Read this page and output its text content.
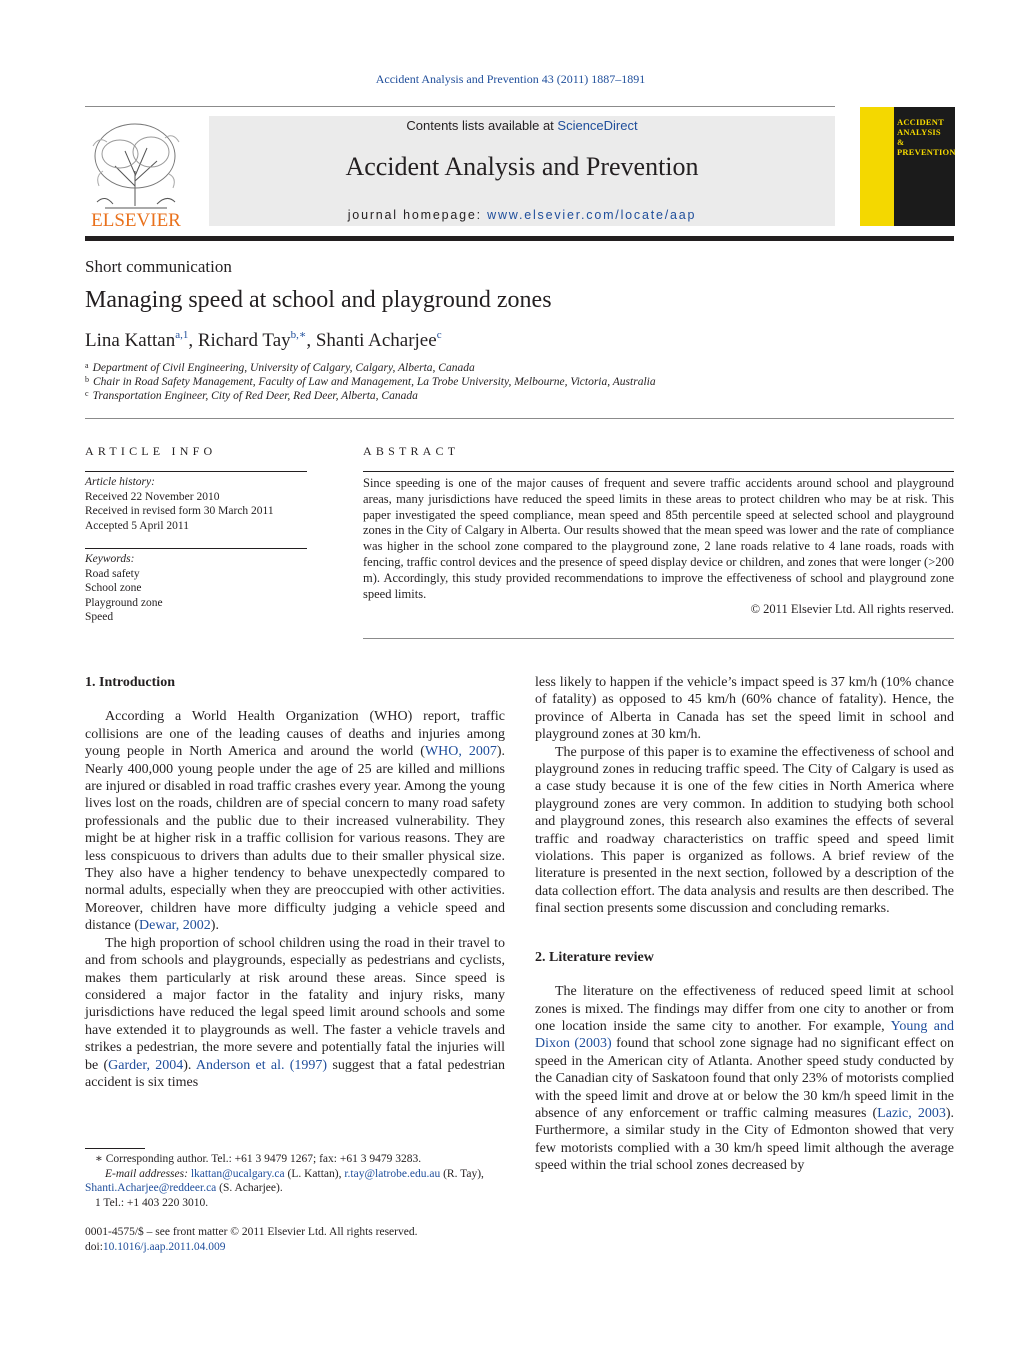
Accident Analysis and Prevention 43 (2011) 1887–1891
ELSEVIER
Contents lists available at ScienceDirect
Accident Analysis and Prevention
journal homepage: www.elsevier.com/locate/aap
ACCIDENT
ANALYSIS
&
PREVENTION
Short communication
Managing speed at school and playground zones
Lina Kattan$^{a,1}$, Richard Tay$^{b,∗}$, Shanti Acharjee$^c$
$^a$ Department of Civil Engineering, University of Calgary, Calgary, Alberta, Canada
$^b$ Chair in Road Safety Management, Faculty of Law and Management, La Trobe University, Melbourne, Victoria, Australia
$^c$ Transportation Engineer, City of Red Deer, Red Deer, Alberta, Canada
ARTICLE INFO
Article history:
Received 22 November 2010
Received in revised form 30 March 2011
Accepted 5 April 2011
Keywords:
Road safety
School zone
Playground zone
Speed
ABSTRACT
Since speeding is one of the major causes of frequent and severe traffic accidents around school and playground areas, many jurisdictions have reduced the speed limits in these areas to protect children who may be at risk. This paper investigated the speed compliance, mean speed and 85th percentile speed at selected school and playground zones in the City of Calgary in Alberta. Our results showed that the mean speed was lower and the rate of compliance was higher in the school zone compared to the playground zone, 2 lane roads relative to 4 lane roads, roads with fencing, traffic control devices and the presence of speed display device or children, and zones that were longer (>200 m). Accordingly, this study provided recommendations to improve the effectiveness of school and playground zone speed limits.
© 2011 Elsevier Ltd. All rights reserved.
1. Introduction

According a World Health Organization (WHO) report, traffic collisions are one of the leading causes of deaths and injuries among young people in North America and around the world (WHO, 2007). Nearly 400,000 young people under the age of 25 are killed and millions are injured or disabled in road traffic crashes every year. Among the young lives lost on the roads, children are of special concern to many road safety professionals and the public due to their increased vulnerability. They might be at higher risk in a traffic collision for various reasons. They are less conspicuous to drivers than adults due to their smaller physical size. They also have a higher tendency to behave unexpectedly compared to normal adults, especially when they are preoccupied with other activities. Moreover, children have more difficulty judging a vehicle speed and distance (Dewar, 2002).

The high proportion of school children using the road in their travel to and from schools and playgrounds, especially as pedestrians and cyclists, makes them particularly at risk around these areas. Since speed is considered a major factor in the fatality and injury risks, many jurisdictions have reduced the legal speed limit around schools and some have extended it to playgrounds as well. The faster a vehicle travels and strikes a pedestrian, the more severe and potentially fatal the injuries will be (Garder, 2004). Anderson et al. (1997) suggest that a fatal pedestrian accident is six times

less likely to happen if the vehicle’s impact speed is 37 km/h (10% chance of fatality) as opposed to 45 km/h (60% chance of fatality). Hence, the province of Alberta in Canada has set the speed limit in school and playground zones at 30 km/h.

The purpose of this paper is to examine the effectiveness of school and playground zones in reducing traffic speed. The City of Calgary is used as a case study because it is one of the few cities in North America where playground zones are very common. In addition to studying both school and playground zones, this research also examines the effects of several traffic and roadway characteristics on traffic speed and speed limit violations. This paper is organized as follows. A brief review of the literature is presented in the next section, followed by a description of the data collection effort. The data analysis and results are then described. The final section presents some discussion and concluding remarks.

2. Literature review

The literature on the effectiveness of reduced speed limit at school zones is mixed. The findings may differ from one city to another or from one location inside the same city to another. For example, Young and Dixon (2003) found that school zone signage had no significant effect on speed in the American city of Atlanta. Another speed study conducted by the Canadian city of Saskatoon found that only 23% of motorists complied with the speed limit and drove at or below the 30 km/h speed limit in the absence of any enforcement or traffic calming measures (Lazic, 2003). Furthermore, a similar study in the City of Edmonton showed that very few motorists complied with a 30 km/h speed limit although the average speed within the trial school zones decreased by

∗ Corresponding author. Tel.: +61 3 9479 1267; fax: +61 3 9479 3283.
E-mail addresses: lkattan@ucalgary.ca (L. Kattan), r.tay@latrobe.edu.au (R. Tay),
Shanti.Acharjee@reddeer.ca (S. Acharjee).
1 Tel.: +1 403 220 3010.
0001-4575/$ – see front matter © 2011 Elsevier Ltd. All rights reserved.
doi:10.1016/j.aap.2011.04.009
